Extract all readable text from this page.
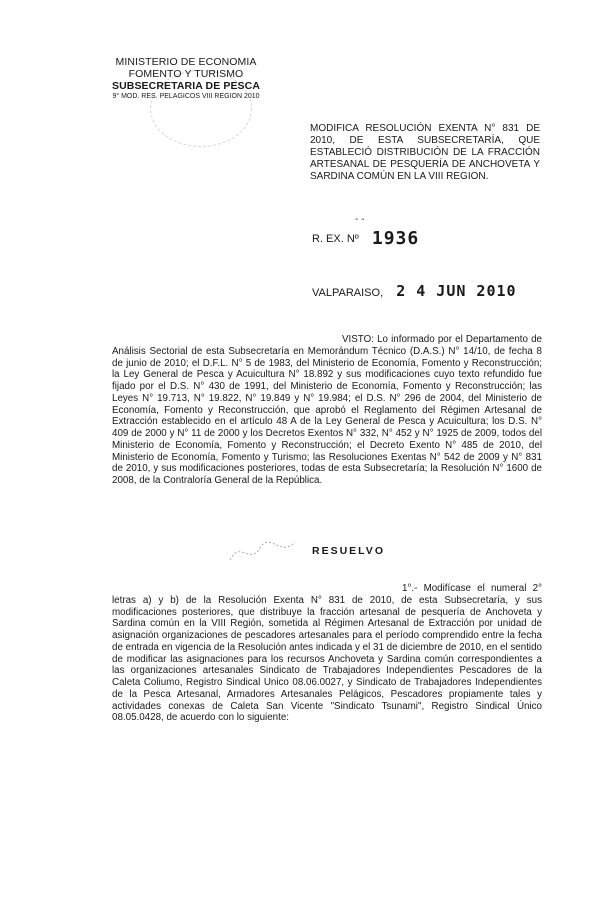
MINISTERIO DE ECONOMIA
FOMENTO Y TURISMO
SUBSECRETARIA DE PESCA
9° MOD. RES. PELAGICOS VIII REGION 2010
MODIFICA RESOLUCIÓN EXENTA N° 831 DE 2010, DE ESTA SUBSECRETARÍA, QUE ESTABLECIÓ DISTRIBUCIÓN DE LA FRACCIÓN ARTESANAL DE PESQUERÍA DE ANCHOVETA Y SARDINA COMÚN EN LA VIII REGION.
- -
R. EX. Nº 1936
VALPARAISO, 2 4 JUN 2010
VISTO: Lo informado por el Departamento de Análisis Sectorial de esta Subsecretaría en Memorándum Técnico (D.A.S.) N° 14/10, de fecha 8 de junio de 2010; el D.F.L. N° 5 de 1983, del Ministerio de Economía, Fomento y Reconstrucción; la Ley General de Pesca y Acuicultura N° 18.892 y sus modificaciones cuyo texto refundido fue fijado por el D.S. N° 430 de 1991, del Ministerio de Economía, Fomento y Reconstrucción; las Leyes N° 19.713, N° 19.822, N° 19.849 y N° 19.984; el D.S. N° 296 de 2004, del Ministerio de Economía, Fomento y Reconstrucción, que aprobó el Reglamento del Régimen Artesanal de Extracción establecido en el artículo 48 A de la Ley General de Pesca y Acuicultura; los D.S. N° 409 de 2000 y N° 11 de 2000 y los Decretos Exentos N° 332, N° 452 y N° 1925 de 2009, todos del Ministerio de Economía, Fomento y Reconstrucción; el Decreto Exento N° 485 de 2010, del Ministerio de Economía, Fomento y Turismo; las Resoluciones Exentas N° 542 de 2009 y N° 831 de 2010, y sus modificaciones posteriores, todas de esta Subsecretaría; la Resolución N° 1600 de 2008, de la Contraloría General de la República.
RESUELVO
1°.- Modifícase el numeral 2° letras a) y b) de la Resolución Exenta N° 831 de 2010, de esta Subsecretaría, y sus modificaciones posteriores, que distribuye la fracción artesanal de pesquería de Anchoveta y Sardina común en la VIII Región, sometida al Régimen Artesanal de Extracción por unidad de asignación organizaciones de pescadores artesanales para el período comprendido entre la fecha de entrada en vigencia de la Resolución antes indicada y el 31 de diciembre de 2010, en el sentido de modificar las asignaciones para los recursos Anchoveta y Sardina común correspondientes a las organizaciones artesanales Sindicato de Trabajadores Independientes Pescadores de la Caleta Coliumo, Registro Sindical Unico 08.06.0027, y Sindicato de Trabajadores Independientes de la Pesca Artesanal, Armadores Artesanales Pelágicos, Pescadores propiamente tales y actividades conexas de Caleta San Vicente "Sindicato Tsunami", Registro Sindical Único 08.05.0428, de acuerdo con lo siguiente:
